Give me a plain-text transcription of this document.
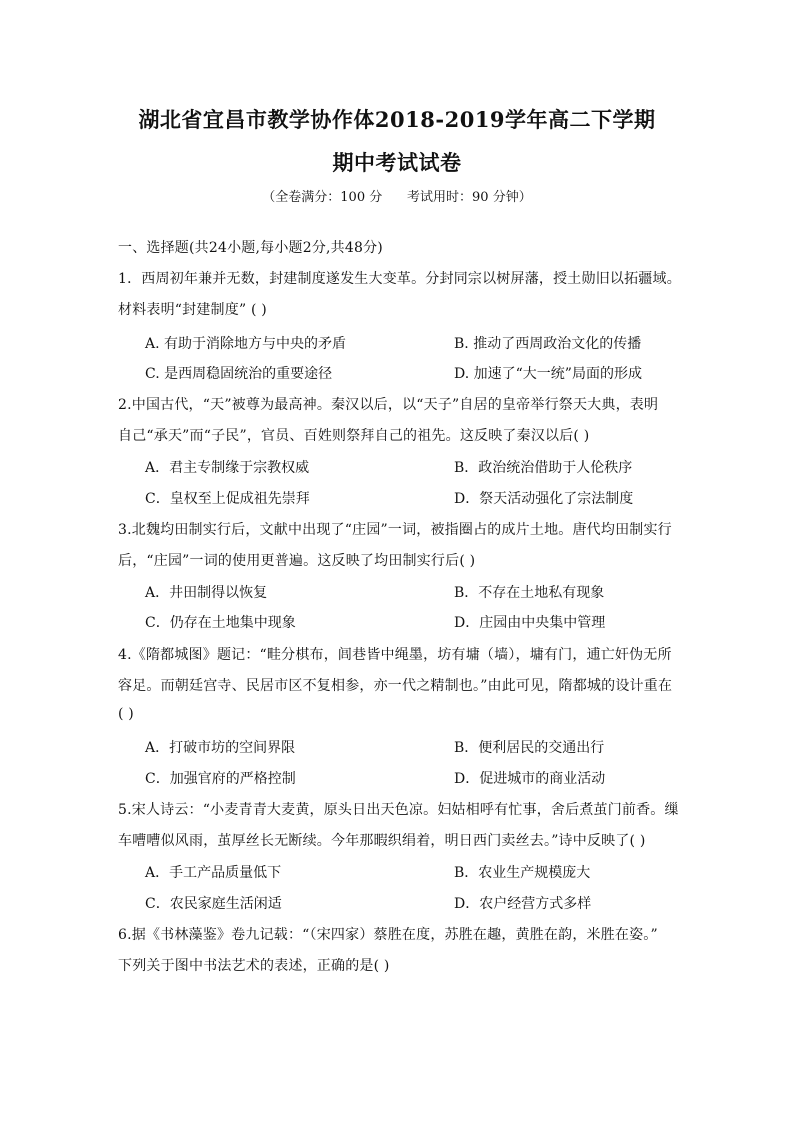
湖北省宜昌市教学协作体2018-2019学年高二下学期
期中考试试卷
（全卷满分：100 分      考试用时：90 分钟）
一、选择题(共24小题,每小题2分,共48分)
1．西周初年兼并无数，封建制度遂发生大变革。分封同宗以树屏藩，授土勋旧以拓疆域。
材料表明“封建制度” ( )
A. 有助于消除地方与中央的矛盾	B. 推动了西周政治文化的传播
C. 是西周稳固统治的重要途径	D. 加速了“大一统”局面的形成
2.中国古代，“天”被尊为最高神。秦汉以后，以“天子”自居的皇帝举行祭天大典，表明
自己“承天”而“子民”，官员、百姓则祭拜自己的祖先。这反映了秦汉以后( )
A．君主专制缘于宗教权威	B．政治统治借助于人伦秩序
C．皇权至上促成祖先崇拜	D．祭天活动强化了宗法制度
3.北魏均田制实行后，文献中出现了“庄园”一词，被指圈占的成片土地。唐代均田制实行
后，“庄园”一词的使用更普遍。这反映了均田制实行后( )
A．井田制得以恢复	B．不存在土地私有现象
C．仍存在土地集中现象	D．庄园由中央集中管理
4.《隋都城图》题记：“畦分棋布，闾巷皆中绳墨，坊有墉（墙），墉有门，逋亡奸伪无所
容足。而朝廷宫寺、民居市区不复相参，亦一代之精制也。”由此可见，隋都城的设计重在
( )
A．打破市坊的空间界限	B．便利居民的交通出行
C．加强官府的严格控制	D．促进城市的商业活动
5.宋人诗云：“小麦青青大麦黄，原头日出天色凉。妇姑相呼有忙事，舍后煮茧门前香。缫
车嘈嘈似风雨，茧厚丝长无断续。今年那暇织绢着，明日西门卖丝去。”诗中反映了( )
A．手工产品质量低下	B．农业生产规模庞大
C．农民家庭生活闲适	D．农户经营方式多样
6.据《书林藻鉴》卷九记载：“（宋四家）蔡胜在度，苏胜在趣，黄胜在韵，米胜在姿。”
下列关于图中书法艺术的表述，正确的是( )
